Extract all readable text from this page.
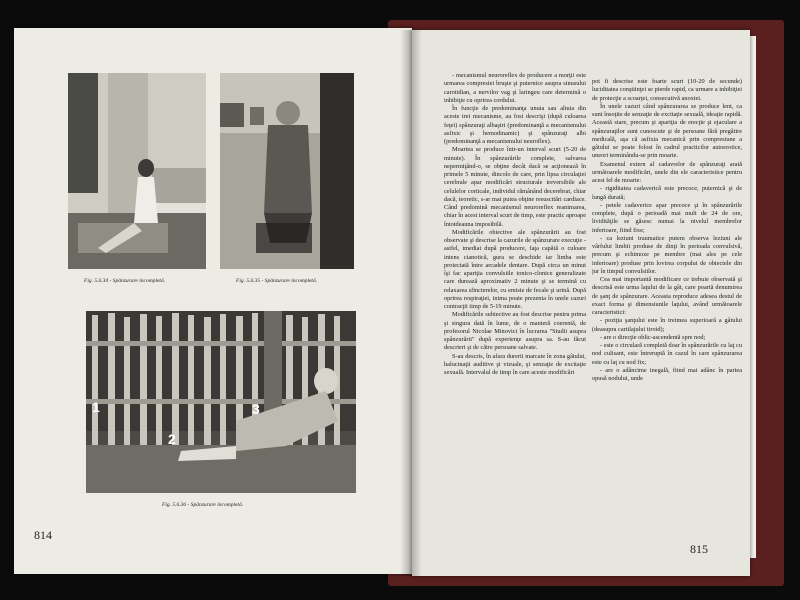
Fig. 5.6.34 - Spânzurare incompletă.	Fig. 5.6.35 - Spânzurare incompletă.
1
2
3
Fig. 5.6.36 - Spânzurare incompletă.
814

- mecanismul neuroreflex de producere a morţii este urmarea compresiei bruşte şi puternice asupra sinusului carotidian, a nervilor vag şi laringeu care determină o inhibiţie cu oprirea cordului.

În funcţie de predominanţa unuia sau altuia din aceste trei mecanisme, au fost descrişi (după culoarea feţei) spânzuraţi albaştri (predominanţă a mecanismului asfixic şi hemodinamic) şi spânzuraţi albi (predominanţă a mecanismului neuroflex).

Moartea se produce într-un interval scurt (5-20 de minute). În spânzurările complete, salvarea nepermiţând-o, se obţine decât dacă se acţionează în primele 5 minute, dincolo de care, prin lipsa circulaţiei cerebrale apar modificări structurale ireversibile ale celulelor corticale, individul rămânând decerebrat, chiar dacă, teoretic, s-ar mai putea obţine resuscitări cardiace. Când predomină mecanismul neuroreflex reanimarea, chiar în acest interval scurt de timp, este practic aproape întotdeauna imposibilă.

Modificările obiective ale spânzurării au fost observate şi descrise la cazurile de spânzurare execuţie - astfel, imediat după producere, faţa capătă o culoare intens cianotică, gura se deschide iar limba este proiectată între arcadele dentare. După circa un minut îşi fac apariţia convulsiile tonico-clonice generalizate care durează aproximativ 2 minute şi se termină cu relaxarea sfincterelor, cu emisie de fecale şi urină. După oprirea respiraţiei, inima poate prezenta în unele cazuri contracţii timp de 5-19 minute.

Modificările subiective au fost descrise pentru prima şi singura dată în lume, de o manieră coerentă, de profesorul Nicolae Minovici în lucrarea "Studii asupra spânzurării" după experienţe asupra sa. S-au făcut descrieri şi de către persoane salvate.

S-au descris, în afara durerii marcate în zona gâtului, halucinaţii auditive şi vizuale, şi senzaţie de excitaţie sexuală. Intervalul de timp în care aceste modificări

pot fi descrise este foarte scurt (10-20 de secunde) luciditatea conştiinţei se pierde rapid, ca urmare a inhibiţiei de protecţie a scoarţei, consecutivă anoxiei.

În unele cazuri când spânzurarea se produce lent, ca sunt însoţite de senzaţie de excitaţie sexuală, ideaţie rapidă. Această stare, precum şi apariţia de erecţie şi ejaculare a spânzuraţilor sunt cunoscute şi de persoane fără pregătire medicală, aşa că asfixia mecanică prin compresiune a gâtului se poate folosi în cadrul practicilor autoerotice, uneori terminându-se prin moarte.

Examenul extern al cadavrelor de spânzuraţi arată următoarele modificări, unele din ele caracteristice pentru acest fel de moarte:

- rigiditatea cadaverică este precoce, puternică şi de lungă durată;

- petele cadaverice apar precoce şi în spânzurările complete, după o perioadă mai mult de 24 de ore, lividităţile se găsesc numai la nivelul membrelor inferioare, fiind fixe;

- ca leziuni traumatice putem observa leziuni ale vârfului limbii produse de dinţi în perioada convulsivă, precum şi echimoze pe membre (mai ales pe cele inferioare) produse prin lovirea corpului de obiectele din jur în timpul convulsiilor.

Cea mai importantă modificare ce trebuie observată şi descrisă este urma laţului de la gât, care poartă denumirea de şanţ de spânzurare. Aceasta reproduce adesea destul de exact forma şi dimensiunile laţului, având următoarele caracteristici:

- poziţia şanţului este în treimea superioară a gâtului (deasupra cartilajului tiroid);

- are o direcţie oblic-ascendentă spre nod;

- este o circulară completă doar în spânzurările cu laţ cu nod culisant, este întreruptă în cazul în care spânzurarea este cu laţ cu nod fix;

- are o adâncime inegală, fiind mai adânc în partea opusă nodului, unde

815
